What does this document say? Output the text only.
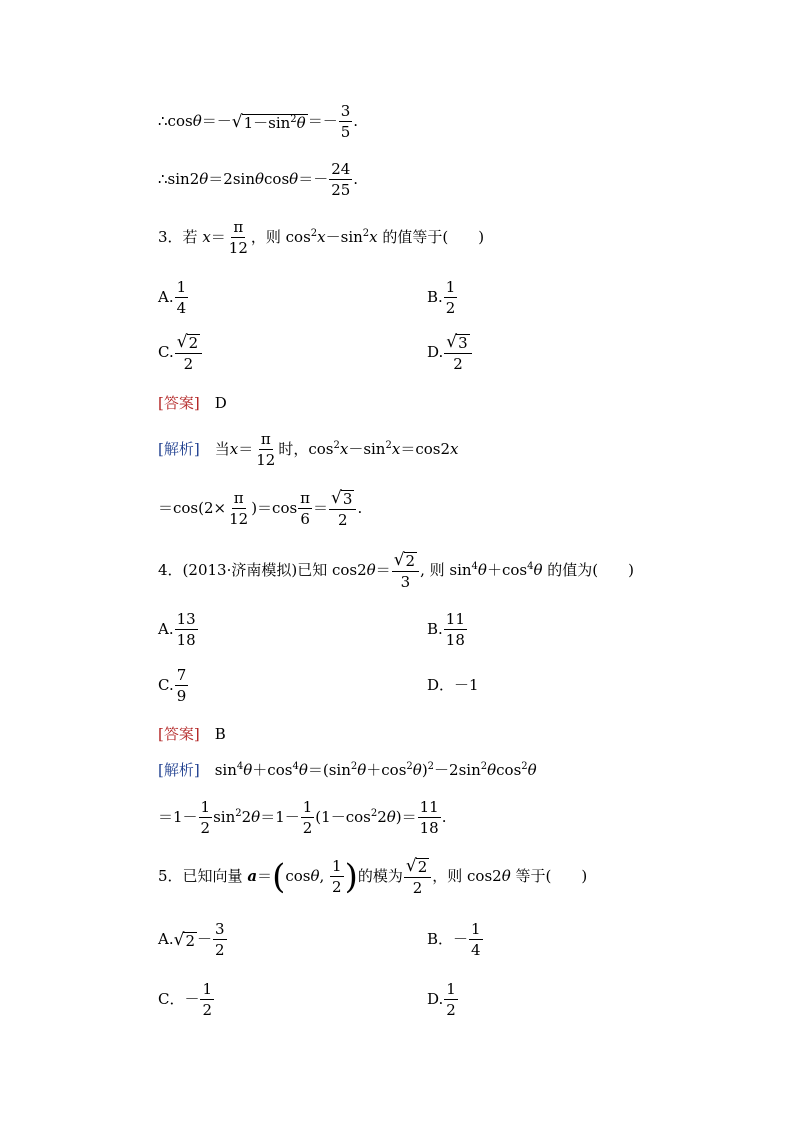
∴cosθ＝－ √ $1-\sin^2\theta =- \frac{3}{5}$ .
∴sin2θ＝2sinθcosθ＝－ $\frac{24}{25}$ .
3．若 $x= \frac{\pi}{12}$ ，则 $\cos^2x-\sin^2x$ 的值等于(　　)
A. $\frac{1}{4}$	B. $\frac{1}{2}$
C. $\frac{√ 2}{2}$	D. $\frac{√ 3}{2}$
[答案]　 D
[解析]　 当$x= \frac{\pi}{12}$ 时，$\cos^2x-\sin^2x=\cos 2x$
$=\cos(2\times \frac{\pi}{12} )=\cos \frac{\pi}{6} = \frac{√ 3}{2}$ .
4．(2013·济南模拟)已知 $\cos 2\theta= \frac{√ 2}{3}$ , 则 $\sin^4\theta+\cos^4\theta$ 的值为(　　)
A. $\frac{13}{18}$	B. $\frac{11}{18}$
C. $\frac{7}{9}$	D．－1
[答案]　 B
[解析]　 $\sin^4\theta+\cos^4\theta=(\sin^2\theta+\cos^2\theta)^2-2\sin^2\theta\cos^2\theta$
$=1- \frac{1}{2} \sin^22\theta=1- \frac{1}{2} (1-\cos^22\theta)= \frac{11}{18}$ .
5．已知向量 a＝(cosθ, $\frac{1}{2}$ )的模为 $\frac{√ 2}{2}$ ，则 cos2θ 等于(　　)
A. √ $2 - \frac{3}{2}$	B．－ $\frac{1}{4}$
C．－ $\frac{1}{2}$	D. $\frac{1}{2}$
